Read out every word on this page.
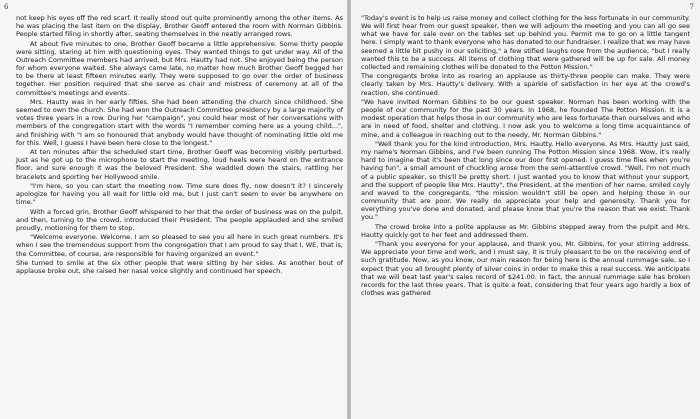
6

not keep his eyes off the red scarf. It really stood out quite prominently among the other items. As he was placing the last item on the display, Brother Geoff entered the room with Norman Gibbins. People started filing in shortly after, seating themselves in the neatly arranged rows.

At about five minutes to one, Brother Geoff became a little apprehensive. Some thirty people were sitting, staring at him with questioning eyes. They wanted things to get under way. All of the Outreach Committee members had arrived, but Mrs. Hautty had not. She enjoyed being the person for whom everyone waited. She always came late, no matter how much Brother Geoff begged her to be there at least fifteen minutes early. They were supposed to go over the order of business together. Her position required that she serve as chair and mistress of ceremony at all of the committee's meetings and events.

Mrs. Hautty was in her early fifties. She had been attending the church since childhood. She seemed to own the church. She had won the Outreach Committee presidency by a large majority of votes three years in a row. During her "campaign", you could hear most of her conversations with members of the congregation start with the words "I remember coming here as a young child...", and finishing with "I am so honoured that anybody would have thought of nominating little old me for this. Well, I guess I have been here close to the longest."

At ten minutes after the scheduled start time, Brother Geoff was becoming visibly perturbed. Just as he got up to the microphone to start the meeting, loud heels were heard on the entrance floor, and sure enough it was the beloved President. She waddled down the stairs, rattling her bracelets and sporting her Hollywood smile.

"I'm here, so you can start the meeting now. Time sure does fly, now doesn't it? I sincerely apologize for having you all wait for little old me, but I just can't seem to ever be anywhere on time."

With a forced grin, Brother Geoff whispered to her that the order of business was on the pulpit, and then, turning to the crowd, introduced their President. The people applauded and she smiled proudly, motioning for them to stop.

"Welcome everyone. Welcome. I am so pleased to see you all here in such great numbers. It's when I see the tremendous support from the congregation that I am proud to say that I, WE, that is, the Committee, of course, are responsible for having organized an event."

She turned to smile at the six other people that were sitting by her sides. As another bout of applause broke out, she raised her nasal voice slightly and continued her speech.

7

"Today's event is to help us raise money and collect clothing for the less fortunate in our community. We will first hear from our guest speaker, then we will adjourn the meeting and you can all go see what we have for sale over on the tables set up behind you. Permit me to go on a little tangent here. I simply want to thank everyone who has donated to our fundraiser. I realize that we may have seemed a little bit pushy in our soliciting," a few stifled laughs rose from the audience, "but I really wanted this to be a success. All items of clothing that were gathered will be up for sale. All money collected and remaining clothes will be donated to the Potton Mission."

The congregants broke into as roaring an applause as thirty-three people can make. They were clearly taken by Mrs. Hautty's delivery. With a sparkle of satisfaction in her eye at the crowd's reaction, she continued.

"We have invited Norman Gibbins to be our guest speaker. Norman has been working with the people of our community for the past 30 years. In 1968, he founded The Potton Mission. It is a modest operation that helps those in our community who are less fortunate than ourselves and who are in need of food, shelter and clothing. I now ask you to welcome a long time acquaintance of mine, and a colleague in reaching out to the needy, Mr. Norman Gibbins."

"Well thank you for the kind introduction, Mrs. Hautty. Hello everyone. As Mrs. Hautty just said, my name's Norman Gibbins, and I've been running The Potton Mission since 1968. Wow, it's really hard to imagine that it's been that long since our door first opened. I guess time flies when you're having fun", a small amount of chuckling arose from the semi-attentive crowd. "Well, I'm not much of a public speaker, so this'll be pretty short. I just wanted you to know that without your support, and the support of people like Mrs. Hautty", the President, at the mention of her name, smiled coyly and waved to the congregants, "the mission wouldn't still be open and helping those in our community that are poor. We really do appreciate your help and generosity. Thank you for everything you've done and donated, and please know that you're the reason that we exist. Thank you."

The crowd broke into a polite applause as Mr. Gibbins stepped away from the pulpit and Mrs. Hautty quickly got to her feet and addressed them.

"Thank you everyone for your applause, and thank you, Mr. Gibbins, for your stirring address. We appreciate your time and work, and I must say, it is truly pleasant to be on the receiving end of such gratitude. Now, as you know, our main reason for being here is the annual rummage sale, so I expect that you all brought plenty of silver coins in order to make this a real success. We anticipate that we will beat last year's sales record of $241.00. In fact, the annual rummage sale has broken records for the last three years. That is quite a feat, considering that four years ago hardly a box of clothes was gathered
